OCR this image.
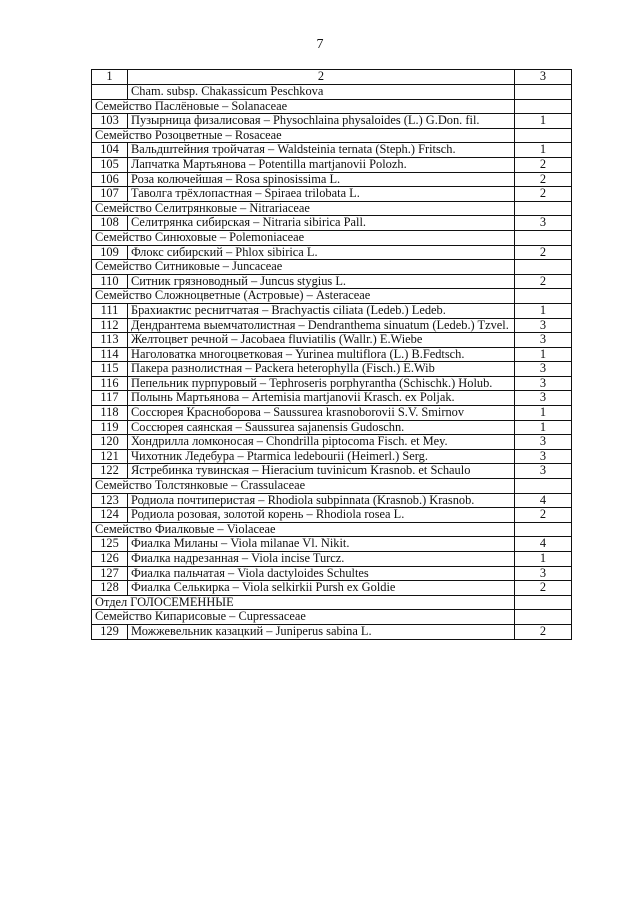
7
1	2	3
	Cham. subsp. Chakassicum Peschkova	
Семейство Паслёновые – Solanaceae		
103	Пузырница физалисовая – Physochlaina physaloides (L.) G.Don. fil.	1
Семейство Розоцветные – Rosaceae		
104	Вальдштейния тройчатая – Waldsteinia ternata (Steph.) Fritsch.	1
105	Лапчатка Мартьянова – Potentilla martjanovii Polozh.	2
106	Роза колючейшая – Rosa spinosissima L.	2
107	Таволга трёхлопастная – Spiraea trilobata L.	2
Семейство Селитрянковые – Nitrariaceae		
108	Селитрянка сибирская – Nitraria sibirica Pall.	3
Семейство Синюховые – Polemoniaceae		
109	Флокс сибирский – Phlox sibirica L.	2
Семейство Ситниковые – Juncaceae		
110	Ситник грязноводный – Juncus stygius L.	2
Семейство Сложноцветные (Астровые) – Asteraceae		
111	Брахиактис реснитчатая – Brachyactis ciliata (Ledeb.) Ledeb.	1
112	Дендрантема выемчатолистная – Dendranthema sinuatum (Ledeb.) Tzvel.	3
113	Желтоцвет речной – Jacobaea fluviatilis (Wallr.) E.Wiebe	3
114	Наголоватка многоцветковая – Yurinea multiflora (L.) B.Fedtsch.	1
115	Пакера разнолистная – Packera heterophylla (Fisch.) E.Wib	3
116	Пепельник пурпуровый – Tephroseris porphyrantha (Schischk.) Holub.	3
117	Полынь Мартьянова – Artemisia martjanovii Krasch. ex Poljak.	3
118	Соссюрея Красноборова – Saussurea krasnoborovii S.V. Smirnov	1
119	Соссюрея саянская – Saussurea sajanensis Gudoschn.	1
120	Хондрилла ломконосая – Chondrilla piptocoma Fisch. et Mey.	3
121	Чихотник Ледебура – Ptarmica ledebourii (Heimerl.) Serg.	3
122	Ястребинка тувинская – Hieracium tuvinicum Krasnob. et Schaulo	3
Семейство Толстянковые – Crassulaceae		
123	Родиола почтиперистая – Rhodiola subpinnata (Krasnob.) Krasnob.	4
124	Родиола розовая, золотой корень – Rhodiola rosea L.	2
Семейство Фиалковые – Violaceae		
125	Фиалка Миланы – Viola milanae Vl. Nikit.	4
126	Фиалка надрезанная – Viola incise Turcz.	1
127	Фиалка пальчатая – Viola dactyloides Schultes	3
128	Фиалка Селькирка – Viola selkirkii Pursh ex Goldie	2
Отдел ГОЛОСЕМЕННЫЕ		
Семейство Кипарисовые – Cupressaceae		
129	Можжевельник казацкий – Juniperus sabina L.	2
